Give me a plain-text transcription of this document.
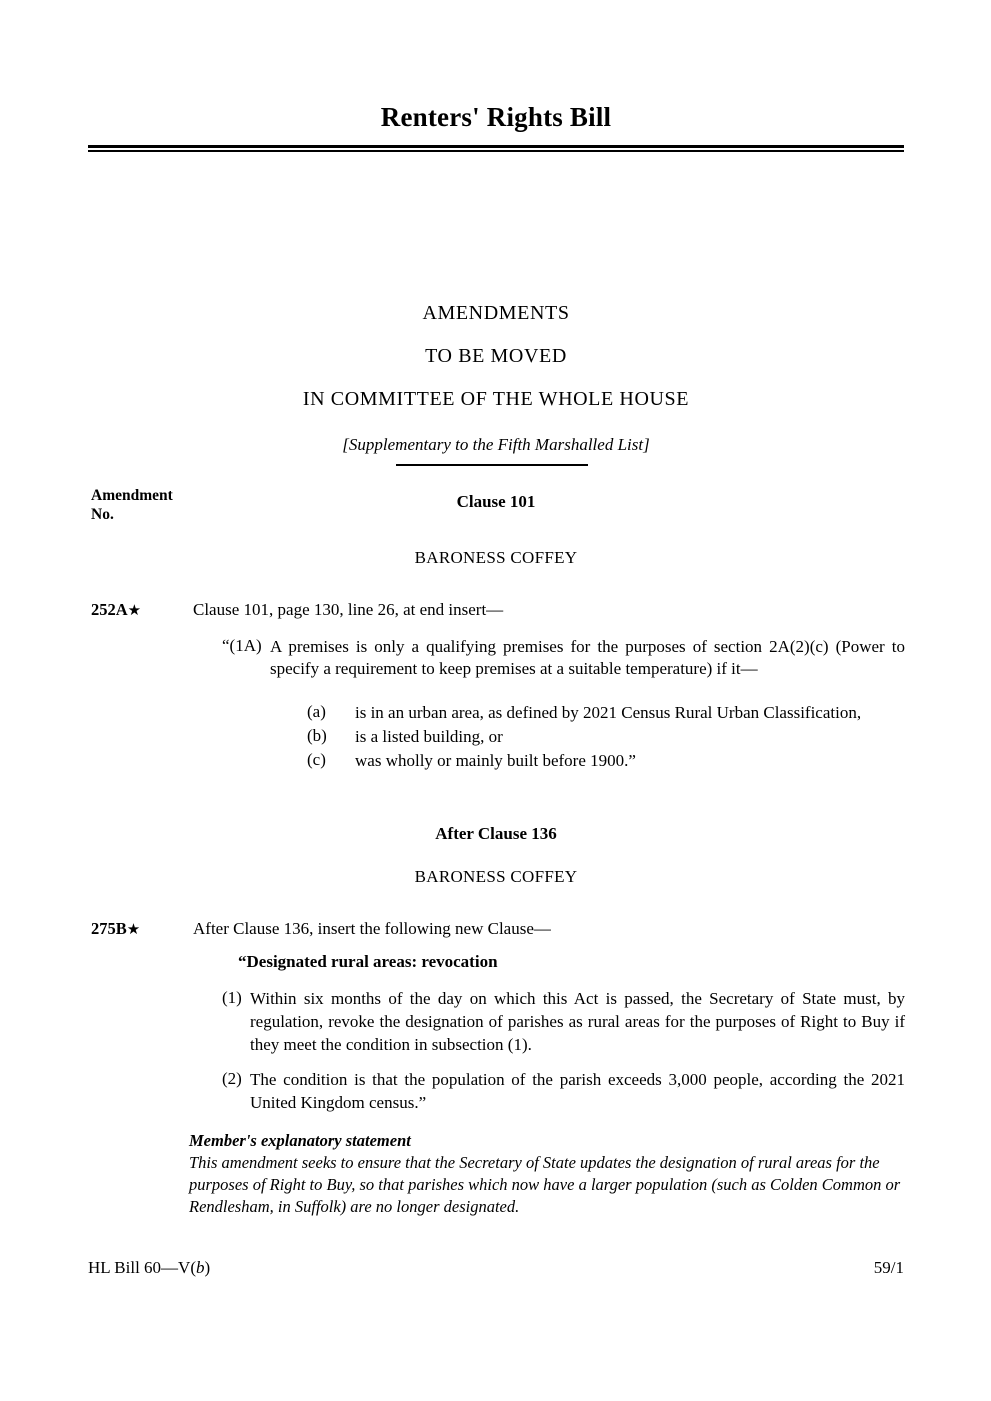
Renters' Rights Bill
AMENDMENTS
TO BE MOVED
IN COMMITTEE OF THE WHOLE HOUSE
[Supplementary to the Fifth Marshalled List]
Amendment
No.
Clause 101
BARONESS COFFEY
252A★	Clause 101, page 130, line 26, at end insert—
“(1A) A premises is only a qualifying premises for the purposes of section 2A(2)(c) (Power to specify a requirement to keep premises at a suitable temperature) if it—
(a)	is in an urban area, as defined by 2021 Census Rural Urban Classification,
(b)	is a listed building, or
(c)	was wholly or mainly built before 1900.”
After Clause 136
BARONESS COFFEY
275B★	After Clause 136, insert the following new Clause—
“Designated rural areas: revocation
(1) Within six months of the day on which this Act is passed, the Secretary of State must, by regulation, revoke the designation of parishes as rural areas for the purposes of Right to Buy if they meet the condition in subsection (1).
(2) The condition is that the population of the parish exceeds 3,000 people, according the 2021 United Kingdom census.”
Member's explanatory statement
This amendment seeks to ensure that the Secretary of State updates the designation of rural areas for the purposes of Right to Buy, so that parishes which now have a larger population (such as Colden Common or Rendlesham, in Suffolk) are no longer designated.
HL Bill 60—V(b)	59/1
